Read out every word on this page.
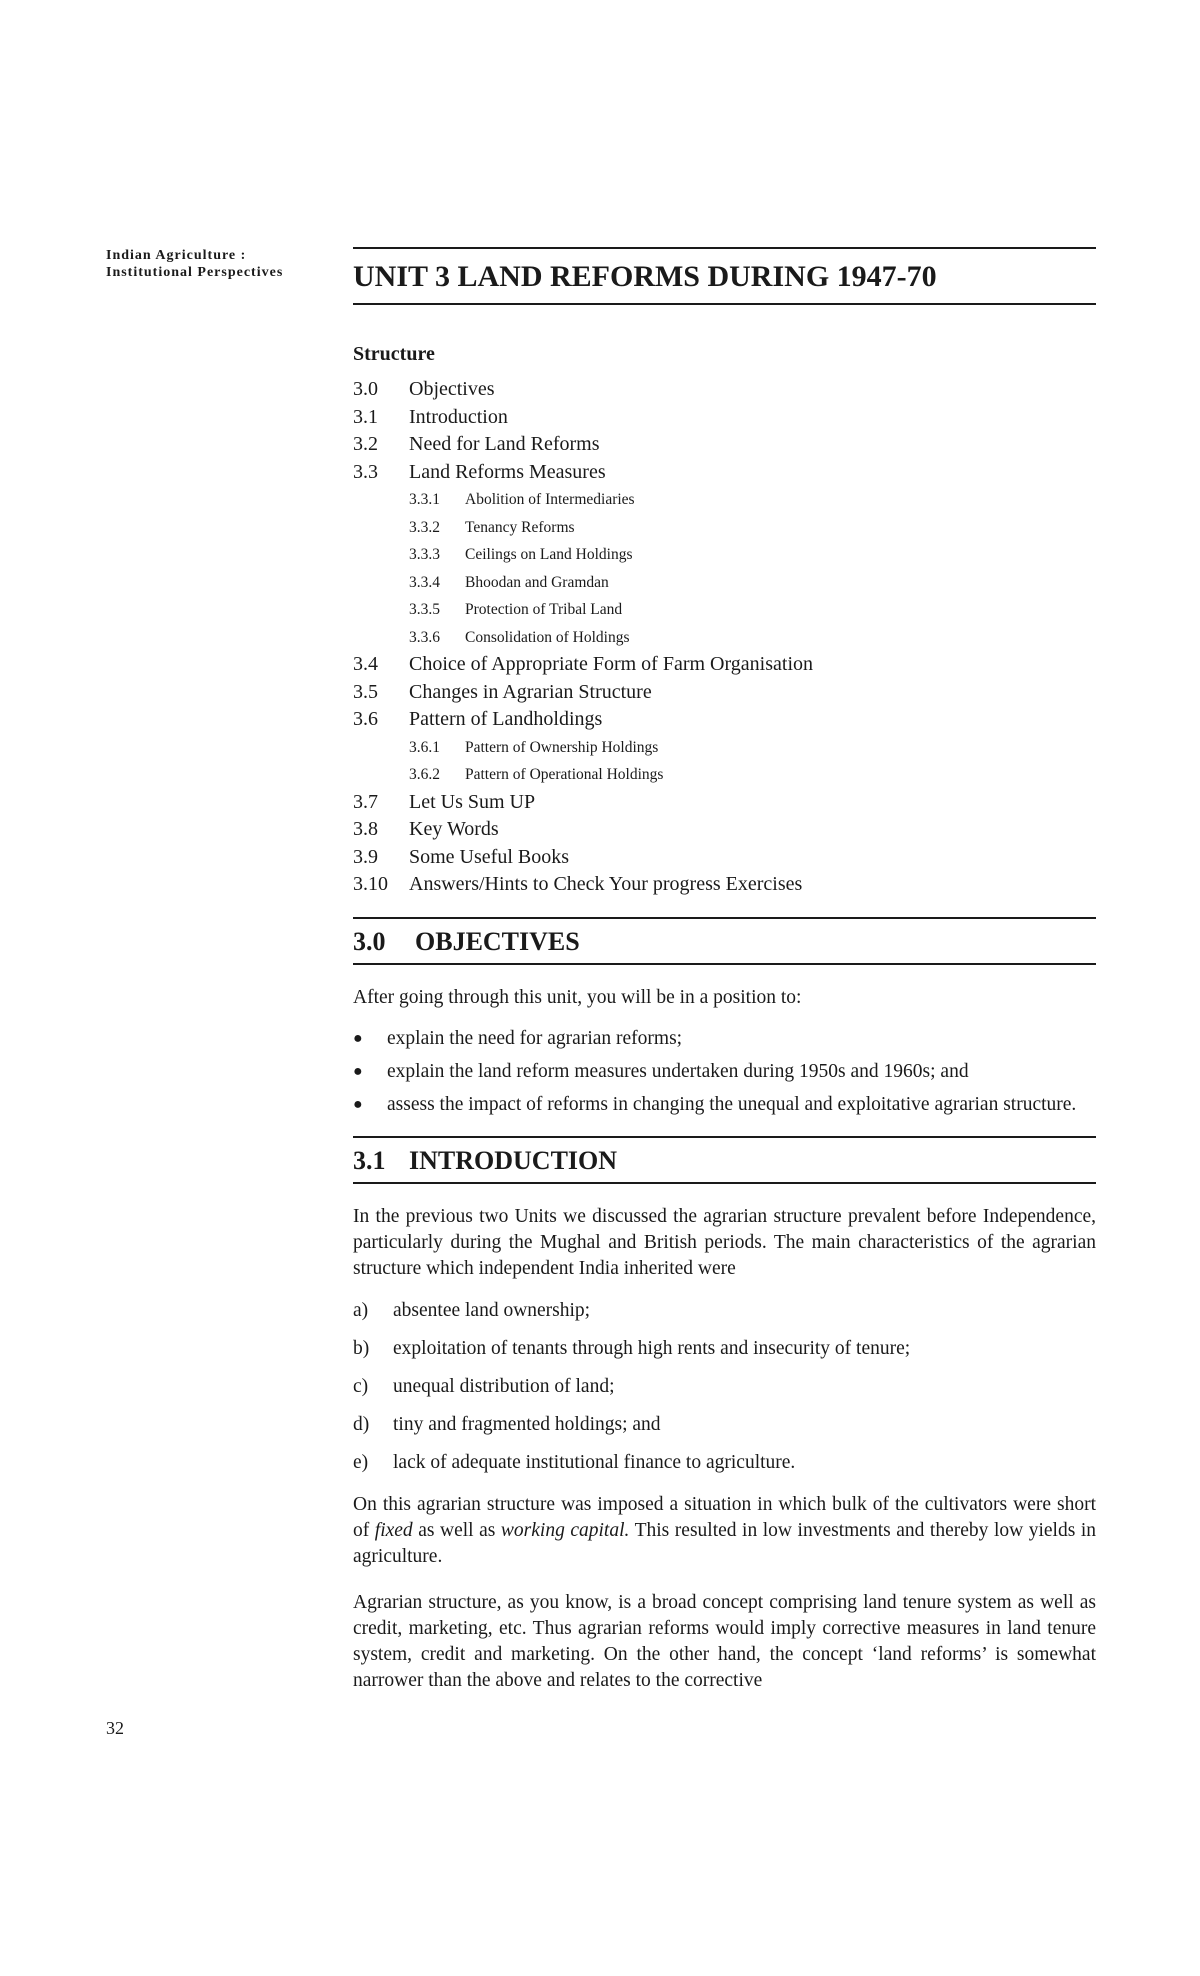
Indian Agriculture :
Institutional Perspectives
32
UNIT 3 LAND REFORMS DURING 1947-70
Structure
3.0	Objectives
3.1	Introduction
3.2	Need for Land Reforms
3.3	Land Reforms Measures
3.3.1	Abolition of Intermediaries
3.3.2	Tenancy Reforms
3.3.3	Ceilings on Land Holdings
3.3.4	Bhoodan and Gramdan
3.3.5	Protection of Tribal Land
3.3.6	Consolidation of Holdings
3.4	Choice of Appropriate Form of Farm Organisation
3.5	Changes in Agrarian Structure
3.6	Pattern of Landholdings
3.6.1	Pattern of Ownership Holdings
3.6.2	Pattern of Operational Holdings
3.7	Let Us Sum UP
3.8	Key Words
3.9	Some Useful Books
3.10	Answers/Hints to Check Your progress Exercises
3.0 OBJECTIVES

After going through this unit, you will be in a position to:

●	explain the need for agrarian reforms;
●	explain the land reform measures undertaken during 1950s and 1960s; and
●	assess the impact of reforms in changing the unequal and exploitative agrarian structure.
3.1 INTRODUCTION

In the previous two Units we discussed the agrarian structure prevalent before Independence, particularly during the Mughal and British periods. The main characteristics of the agrarian structure which independent India inherited were

a)	absentee land ownership;
b)	exploitation of tenants through high rents and insecurity of tenure;
c)	unequal distribution of land;
d)	tiny and fragmented holdings; and
e)	lack of adequate institutional finance to agriculture.

On this agrarian structure was imposed a situation in which bulk of the cultivators were short of fixed as well as working capital. This resulted in low investments and thereby low yields in agriculture.

Agrarian structure, as you know, is a broad concept comprising land tenure system as well as credit, marketing, etc. Thus agrarian reforms would imply corrective measures in land tenure system, credit and marketing. On the other hand, the concept ‘land reforms’ is somewhat narrower than the above and relates to the corrective
